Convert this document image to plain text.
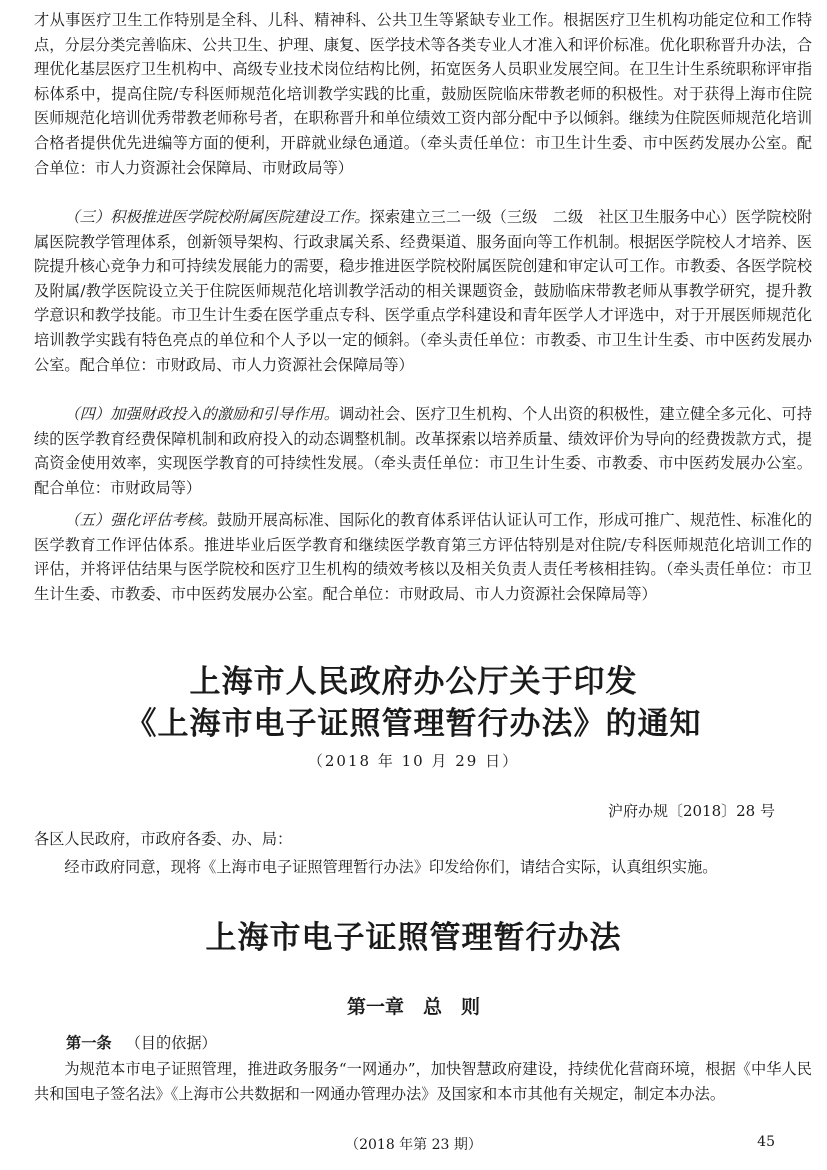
才从事医疗卫生工作特别是全科、儿科、精神科、公共卫生等紧缺专业工作。根据医疗卫生机构功能定位和工作特点，分层分类完善临床、公共卫生、护理、康复、医学技术等各类专业人才准入和评价标准。优化职称晋升办法，合理优化基层医疗卫生机构中、高级专业技术岗位结构比例，拓宽医务人员职业发展空间。在卫生计生系统职称评审指标体系中，提高住院/专科医师规范化培训教学实践的比重，鼓励医院临床带教老师的积极性。对于获得上海市住院医师规范化培训优秀带教老师称号者，在职称晋升和单位绩效工资内部分配中予以倾斜。继续为住院医师规范化培训合格者提供优先进编等方面的便利，开辟就业绿色通道。（牵头责任单位：市卫生计生委、市中医药发展办公室。配合单位：市人力资源社会保障局、市财政局等）

（三）积极推进医学院校附属医院建设工作。探索建立三二一级（三级　二级　社区卫生服务中心）医学院校附属医院教学管理体系，创新领导架构、行政隶属关系、经费渠道、服务面向等工作机制。根据医学院校人才培养、医院提升核心竞争力和可持续发展能力的需要，稳步推进医学院校附属医院创建和审定认可工作。市教委、各医学院校及附属/教学医院设立关于住院医师规范化培训教学活动的相关课题资金，鼓励临床带教老师从事教学研究，提升教学意识和教学技能。市卫生计生委在医学重点专科、医学重点学科建设和青年医学人才评选中，对于开展医师规范化培训教学实践有特色亮点的单位和个人予以一定的倾斜。（牵头责任单位：市教委、市卫生计生委、市中医药发展办公室。配合单位：市财政局、市人力资源社会保障局等）

（四）加强财政投入的激励和引导作用。调动社会、医疗卫生机构、个人出资的积极性，建立健全多元化、可持续的医学教育经费保障机制和政府投入的动态调整机制。改革探索以培养质量、绩效评价为导向的经费拨款方式，提高资金使用效率，实现医学教育的可持续性发展。（牵头责任单位：市卫生计生委、市教委、市中医药发展办公室。配合单位：市财政局等）

（五）强化评估考核。鼓励开展高标准、国际化的教育体系评估认证认可工作，形成可推广、规范性、标准化的医学教育工作评估体系。推进毕业后医学教育和继续医学教育第三方评估特别是对住院/专科医师规范化培训工作的评估，并将评估结果与医学院校和医疗卫生机构的绩效考核以及相关负责人责任考核相挂钩。（牵头责任单位：市卫生计生委、市教委、市中医药发展办公室。配合单位：市财政局、市人力资源社会保障局等）

上海市人民政府办公厅关于印发
《上海市电子证照管理暂行办法》的通知
（2018 年 10 月 29 日）
沪府办规〔2018〕28 号
各区人民政府，市政府各委、办、局：
经市政府同意，现将《上海市电子证照管理暂行办法》印发给你们，请结合实际，认真组织实施。
上海市电子证照管理暂行办法
第一章　总　则
第一条 （目的依据）

为规范本市电子证照管理，推进政务服务“一网通办”，加快智慧政府建设，持续优化营商环境，根据《中华人民共和国电子签名法》《上海市公共数据和一网通办管理办法》及国家和本市其他有关规定，制定本办法。

（2018 年第 23 期）	45
